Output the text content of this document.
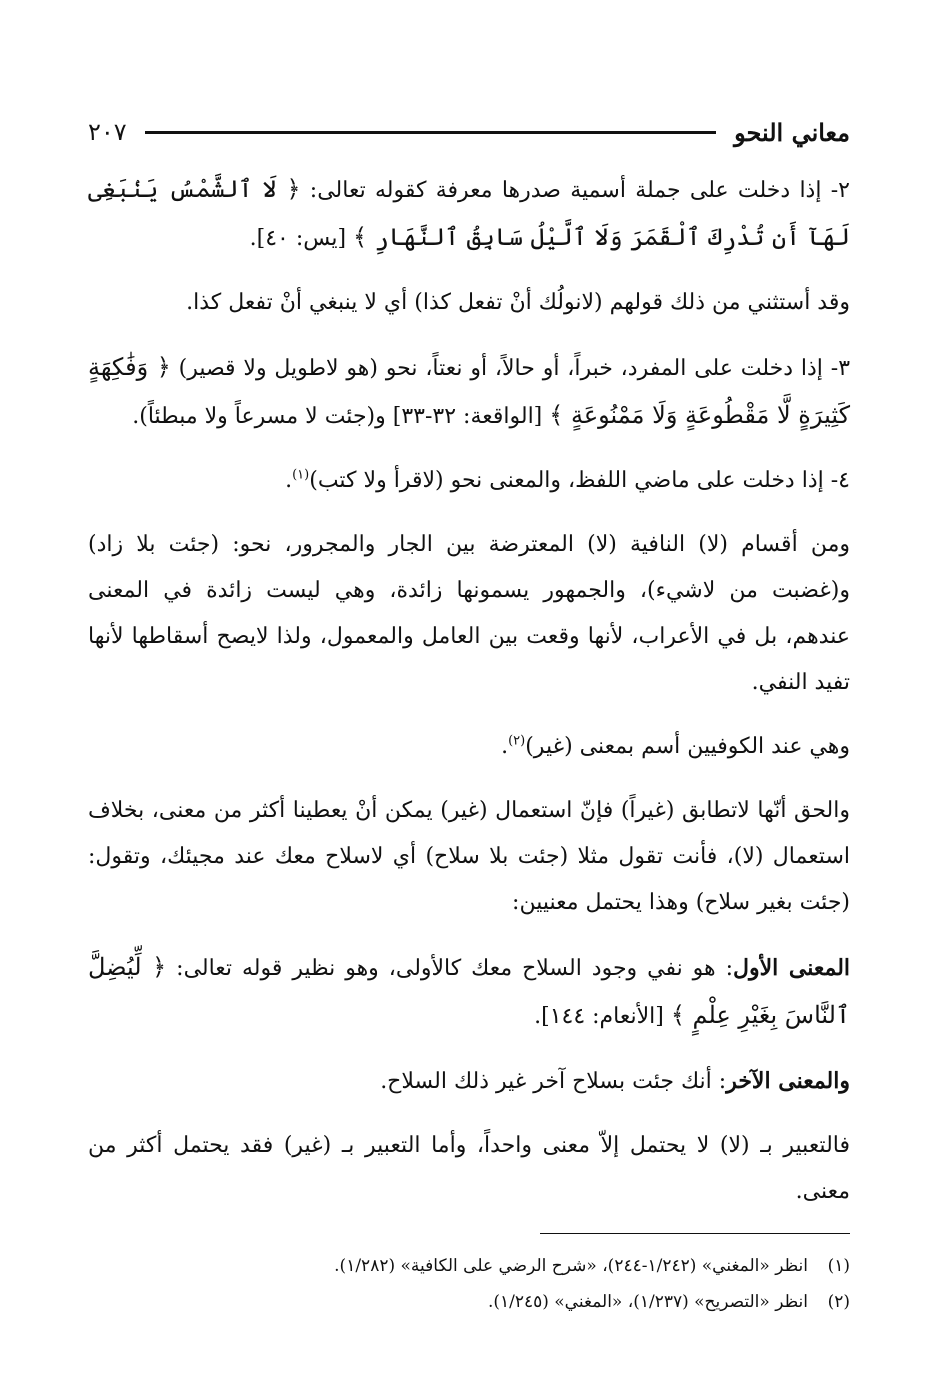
معاني النحو
٢٠٧

٢- إذا دخلت على جملة أسمية صدرها معرفة كقوله تعالى: ﴿ لَا ٱلشَّمْسُ يَنۢبَغِى لَهَآ أَن تُدْرِكَ ٱلْقَمَرَ وَلَا ٱلَّيْلُ سَابِقُ ٱلنَّهَارِ ﴾ [يس: ٤٠].

وقد أستثني من ذلك قولهم (لانولُك أنْ تفعل كذا) أي لا ينبغي أنْ تفعل كذا.

٣- إذا دخلت على المفرد، خبراً، أو حالاً، أو نعتاً، نحو (هو لاطويل ولا قصير) ﴿ وَفَٰكِهَةٍ كَثِيرَةٍ لَّا مَقْطُوعَةٍ وَلَا مَمْنُوعَةٍ ﴾ [الواقعة: ٣٢-٣٣] و(جئت لا مسرعاً ولا مبطئاً).

٤- إذا دخلت على ماضي اللفظ، والمعنى نحو (لاقرأ ولا كتب)$^{(١)}$.

ومن أقسام (لا) النافية (لا) المعترضة بين الجار والمجرور، نحو: (جئت بلا زاد) و(غضبت من لاشيء)، والجمهور يسمونها زائدة، وهي ليست زائدة في المعنى عندهم، بل في الأعراب، لأنها وقعت بين العامل والمعمول، ولذا لايصح أسقاطها لأنها تفيد النفي.

وهي عند الكوفيين أسم بمعنى (غير)$^{(٢)}$.

والحق أنّها لاتطابق (غيراً) فإنّ استعمال (غير) يمكن أنْ يعطينا أكثر من معنى، بخلاف استعمال (لا)، فأنت تقول مثلا (جئت بلا سلاح) أي لاسلاح معك عند مجيئك، وتقول: (جئت بغير سلاح) وهذا يحتمل معنيين:

المعنى الأول: هو نفي وجود السلاح معك كالأولى، وهو نظير قوله تعالى: ﴿ لِّيُضِلَّ ٱلنَّاسَ بِغَيْرِ عِلْمٍ ﴾ [الأنعام: ١٤٤].

والمعنى الآخر: أنك جئت بسلاح آخر غير ذلك السلاح.

فالتعبير بـ (لا) لا يحتمل إلاّ معنى واحداً، وأما التعبير بـ (غير) فقد يحتمل أكثر من معنى.

(١)
انظر «المغني» (١/٢٤٢-٢٤٤)، «شرح الرضي على الكافية» (١/٢٨٢).
(٢)
انظر «التصريح» (١/٢٣٧)، «المغني» (١/٢٤٥).
